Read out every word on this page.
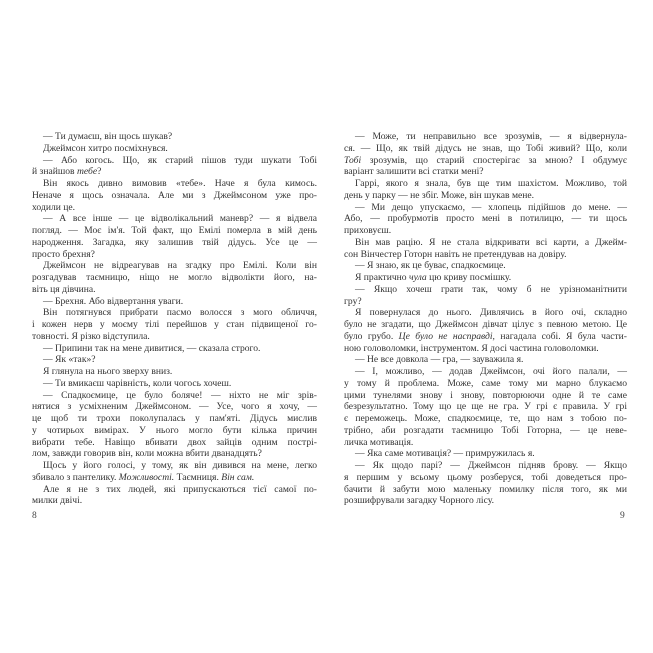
— Ти думаєш, він щось шукав?
Джеймсон хитро посміхнувся.
— Або когось. Що, як старий пішов туди шукати Тобі
й знайшов тебе?
Він якось дивно вимовив «тебе». Наче я була кимось.
Неначе я щось означала. Але ми з Джеймсоном уже про-
ходили це.
— А все інше — це відволікальний маневр? — я відвела
погляд. — Моє ім'я. Той факт, що Емілі померла в мій день
народження. Загадка, яку залишив твій дідусь. Усе це —
просто брехня?
Джеймсон не відреагував на згадку про Емілі. Коли він
розгадував таємницю, ніщо не могло відволікти його, на-
віть ця дівчина.
— Брехня. Або відвертання уваги.
Він потягнувся прибрати пасмо волосся з мого обличчя,
і кожен нерв у моєму тілі перейшов у стан підвищеної го-
товності. Я різко відступила.
— Припини так на мене дивитися, — сказала строго.
— Як «так»?
Я глянула на нього зверху вниз.
— Ти вмикаєш чарівність, коли чогось хочеш.
— Спадкоємице, це було боляче! — ніхто не міг зрів-
нятися з усміхненим Джеймсоном. — Усе, чого я хочу, —
це щоб ти трохи поколупалась у пам'яті. Дідусь мислив
у чотирьох вимірах. У нього могло бути кілька причин
вибрати тебе. Навіщо вбивати двох зайців одним пострі-
лом, завжди говорив він, коли можна вбити дванадцять?
Щось у його голосі, у тому, як він дивився на мене, легко
збивало з пантелику. Можливості. Таємниця. Він сам.
Але я не з тих людей, які припускаються тієї самої по-
милки двічі.
— Може, ти неправильно все зрозумів, — я відвернула-
ся. — Що, як твій дідусь не знав, що Тобі живий? Що, коли
Тобі зрозумів, що старий спостерігає за мною? І обдумує
варіант залишити всі статки мені?
Гаррі, якого я знала, був ще тим шахістом. Можливо, той
день у парку — не збіг. Може, він шукав мене.
— Ми дещо упускаємо, — хлопець підійшов до мене. —
Або, — пробурмотів просто мені в потилицю, — ти щось
приховуєш.
Він мав рацію. Я не стала відкривати всі карти, а Джейм-
сон Вінчестер Готорн навіть не претендував на довіру.
— Я знаю, як це буває, спадкоємице.
Я практично чула цю криву посмішку.
— Якщо хочеш грати так, чому б не урізноманітнити
гру?
Я повернулася до нього. Дивлячись в його очі, складно
було не згадати, що Джеймсон дівчат цілує з певною метою. Це
було грубо. Це було не насправді, нагадала собі. Я була части-
ною головоломки, інструментом. Я досі частина головоломки.
— Не все довкола — гра, — зауважила я.
— І, можливо, — додав Джеймсон, очі його палали, —
у тому й проблема. Може, саме тому ми марно блукаємо
цими тунелями знову і знову, повторюючи одне й те саме
безрезультатно. Тому що це ще не гра. У грі є правила. У грі
є переможець. Може, спадкоємице, те, що нам з тобою по-
трібно, аби розгадати таємницю Тобі Готорна, — це неве-
личка мотивація.
— Яка саме мотивація? — примружилась я.
— Як щодо парі? — Джеймсон підняв брову. — Якщо
я першим у всьому цьому розберуся, тобі доведеться про-
бачити й забути мою маленьку помилку після того, як ми
розшифрували загадку Чорного лісу.
8	9
